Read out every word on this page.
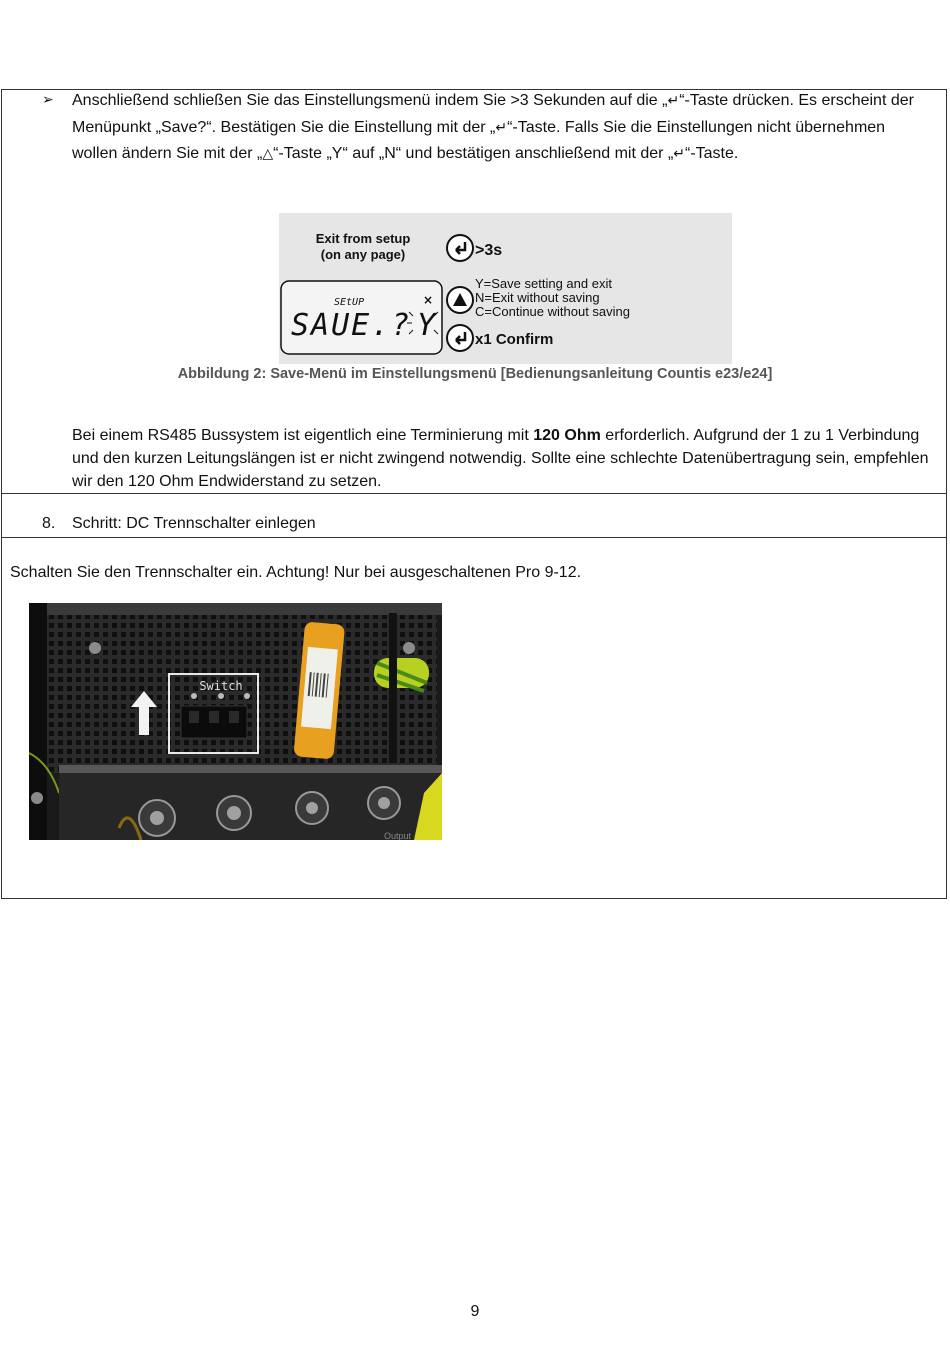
➢ Anschließend schließen Sie das Einstellungsmenü indem Sie >3 Sekunden auf die „↵“-Taste drücken. Es erscheint der Menüpunkt „Save?“. Bestätigen Sie die Einstellung mit der „↵“-Taste. Falls Sie die Einstellungen nicht übernehmen wollen ändern Sie mit der „△“-Taste „Y“ auf „N“ und bestätigen anschließend mit der „↵“-Taste.
Exit from setup
(on any page)	>3s
SEtUP
SAUE.? Y
×
Y=Save setting and exit
N=Exit without saving
C=Continue without saving
x1 Confirm
Abbildung 2: Save-Menü im Einstellungsmenü [Bedienungsanleitung Countis e23/e24]
Bei einem RS485 Bussystem ist eigentlich eine Terminierung mit 120 Ohm erforderlich. Aufgrund der 1 zu 1 Verbindung und den kurzen Leitungslängen ist er nicht zwingend notwendig. Sollte eine schlechte Datenübertragung sein, empfehlen wir den 120 Ohm Endwiderstand zu setzen.
8. Schritt: DC Trennschalter einlegen
Schalten Sie den Trennschalter ein. Achtung! Nur bei ausgeschaltenen Pro 9-12.
Switch
Output
9
